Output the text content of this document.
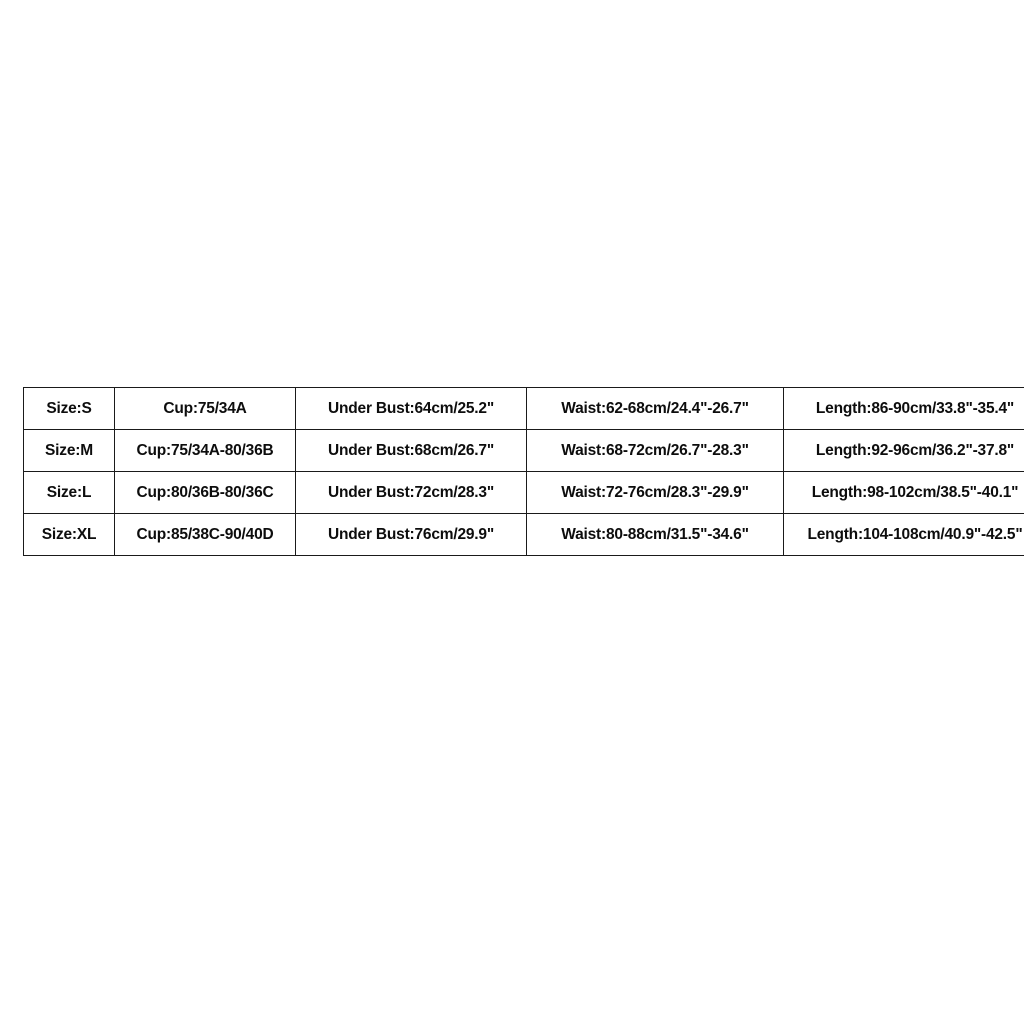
Size:S	Cup:75/34A	Under Bust:64cm/25.2"	Waist:62-68cm/24.4"-26.7"	Length:86-90cm/33.8"-35.4"
Size:M	Cup:75/34A-80/36B	Under Bust:68cm/26.7"	Waist:68-72cm/26.7"-28.3"	Length:92-96cm/36.2"-37.8"
Size:L	Cup:80/36B-80/36C	Under Bust:72cm/28.3"	Waist:72-76cm/28.3"-29.9"	Length:98-102cm/38.5"-40.1"
Size:XL	Cup:85/38C-90/40D	Under Bust:76cm/29.9"	Waist:80-88cm/31.5"-34.6"	Length:104-108cm/40.9"-42.5"
